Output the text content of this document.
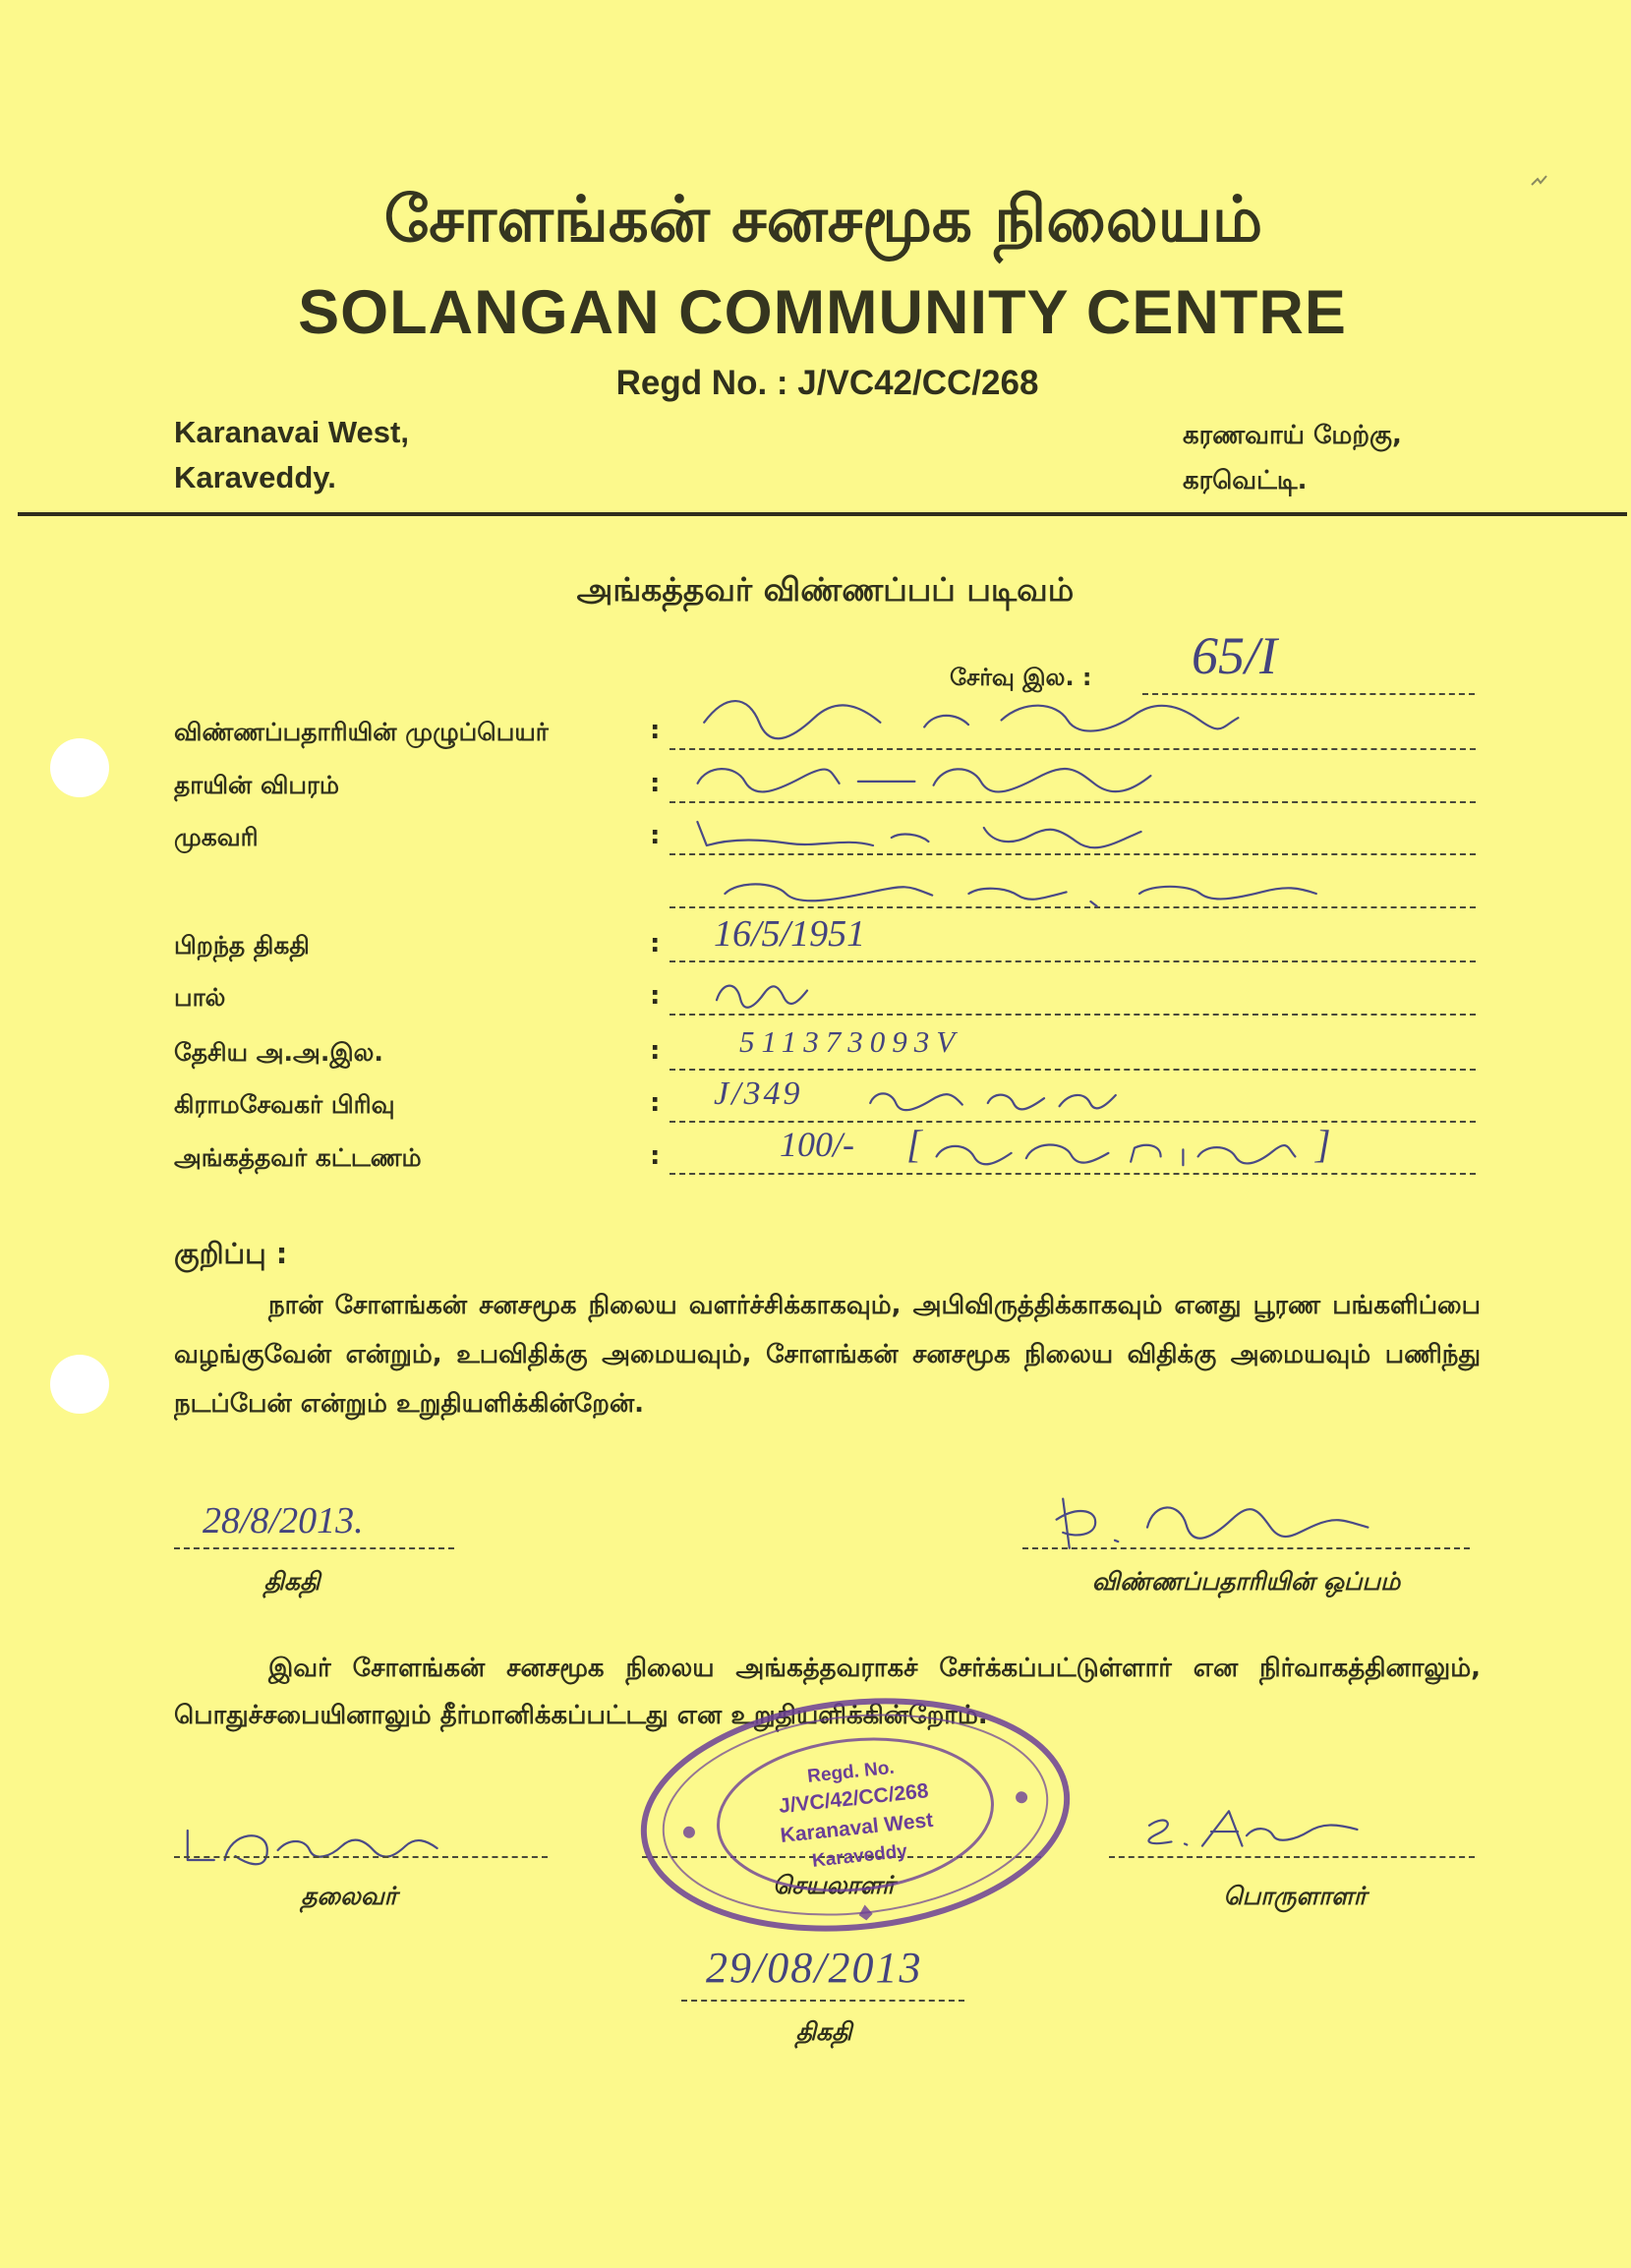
சோளங்கன் சனசமூக நிலையம்
SOLANGAN COMMUNITY CENTRE
Regd No. : J/VC42/CC/268
Karanavai West,
Karaveddy.
கரணவாய் மேற்கு,
கரவெட்டி.
அங்கத்தவர் விண்ணப்பப் படிவம்
சேர்வு இல. : 65/I
விண்ணப்பதாரியின் முழுப்பெயர்	:
தாயின் விபரம்	:
முகவரி	:
பிறந்த திகதி	: 16/5/1951
பால்	:
தேசிய அ.அ.இல.	:	511373093V
கிராமசேவகர் பிரிவு	: J/349
அங்கத்தவர் கட்டணம்	:	100/- [	]
குறிப்பு :
நான் சோளங்கன் சனசமூக நிலைய வளர்ச்சிக்காகவும், அபிவிருத்திக்காகவும் எனது பூரண பங்களிப்பை வழங்குவேன் என்றும், உபவிதிக்கு அமையவும், சோளங்கன் சனசமூக நிலைய விதிக்கு அமையவும் பணிந்து நடப்பேன் என்றும் உறுதியளிக்கின்றேன்.
28/8/2013.
திகதி	விண்ணப்பதாரியின் ஒப்பம்
இவர் சோளங்கன் சனசமூக நிலைய அங்கத்தவராகச் சேர்க்கப்பட்டுள்ளார் என நிர்வாகத்தினாலும், பொதுச்சபையினாலும் தீர்மானிக்கப்பட்டது என உறுதியளிக்கின்றோம்.
தலைவர்	செயலாளர்	பொருளாளர்
Regd. No.
J/VC/42/CC/268
Karanaval West
Karaveddy
29/08/2013
திகதி
